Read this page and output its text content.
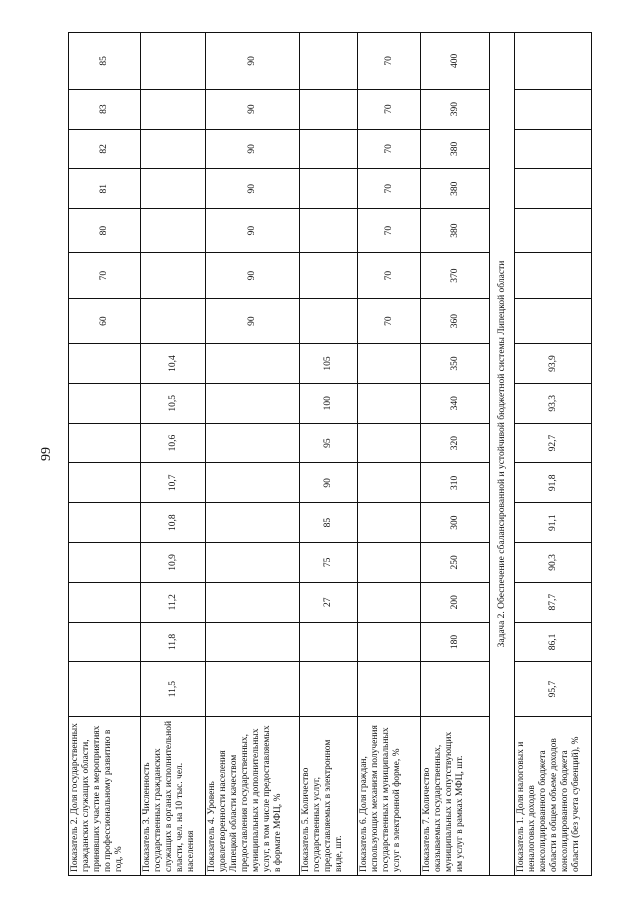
99
Показатель 2. Доля государственных гражданских служащих области, принявших участие в мероприятиях по профессиональному развитию в год, %										60	70	80	81	82	83	85
Показатель 3. Численность государственных гражданских служащих в органах исполнительной власти, чел. на 10 тыс. чел. населения	11,5	11,8	11,2	10,9	10,8	10,7	10,6	10,5	10,4							
Показатель 4. Уровень удовлетворенности населения Липецкой области качеством предоставления государственных, муниципальных и дополнительных услуг, в том числе предоставляемых в формате МФЦ, %										90	90	90	90	90	90	90
Показатель 5. Количество государственных услуг, предоставляемых в электронном виде, шт.			27	75	85	90	95	100	105							
Показатель 6. Доля граждан, использующих механизм получения государственных и муниципальных услуг в электронной форме, %										70	70	70	70	70	70	70
Показатель 7. Количество оказываемых государственных, муниципальных и сопутствующих им услуг в рамках МФЦ, шт.		180	200	250	300	310	320	340	350	360	370	380	380	380	390	400
Задача 2. Обеспечение сбалансированной и устойчивой бюджетной системы Липецкой области																
Показатель 1. Доля налоговых и неналоговых доходов консолидированного бюджета области в общем объеме доходов консолидированного бюджета области (без учета субвенций), %	95,7	86,1	87,7	90,3	91,1	91,8	92,7	93,3	93,9							
